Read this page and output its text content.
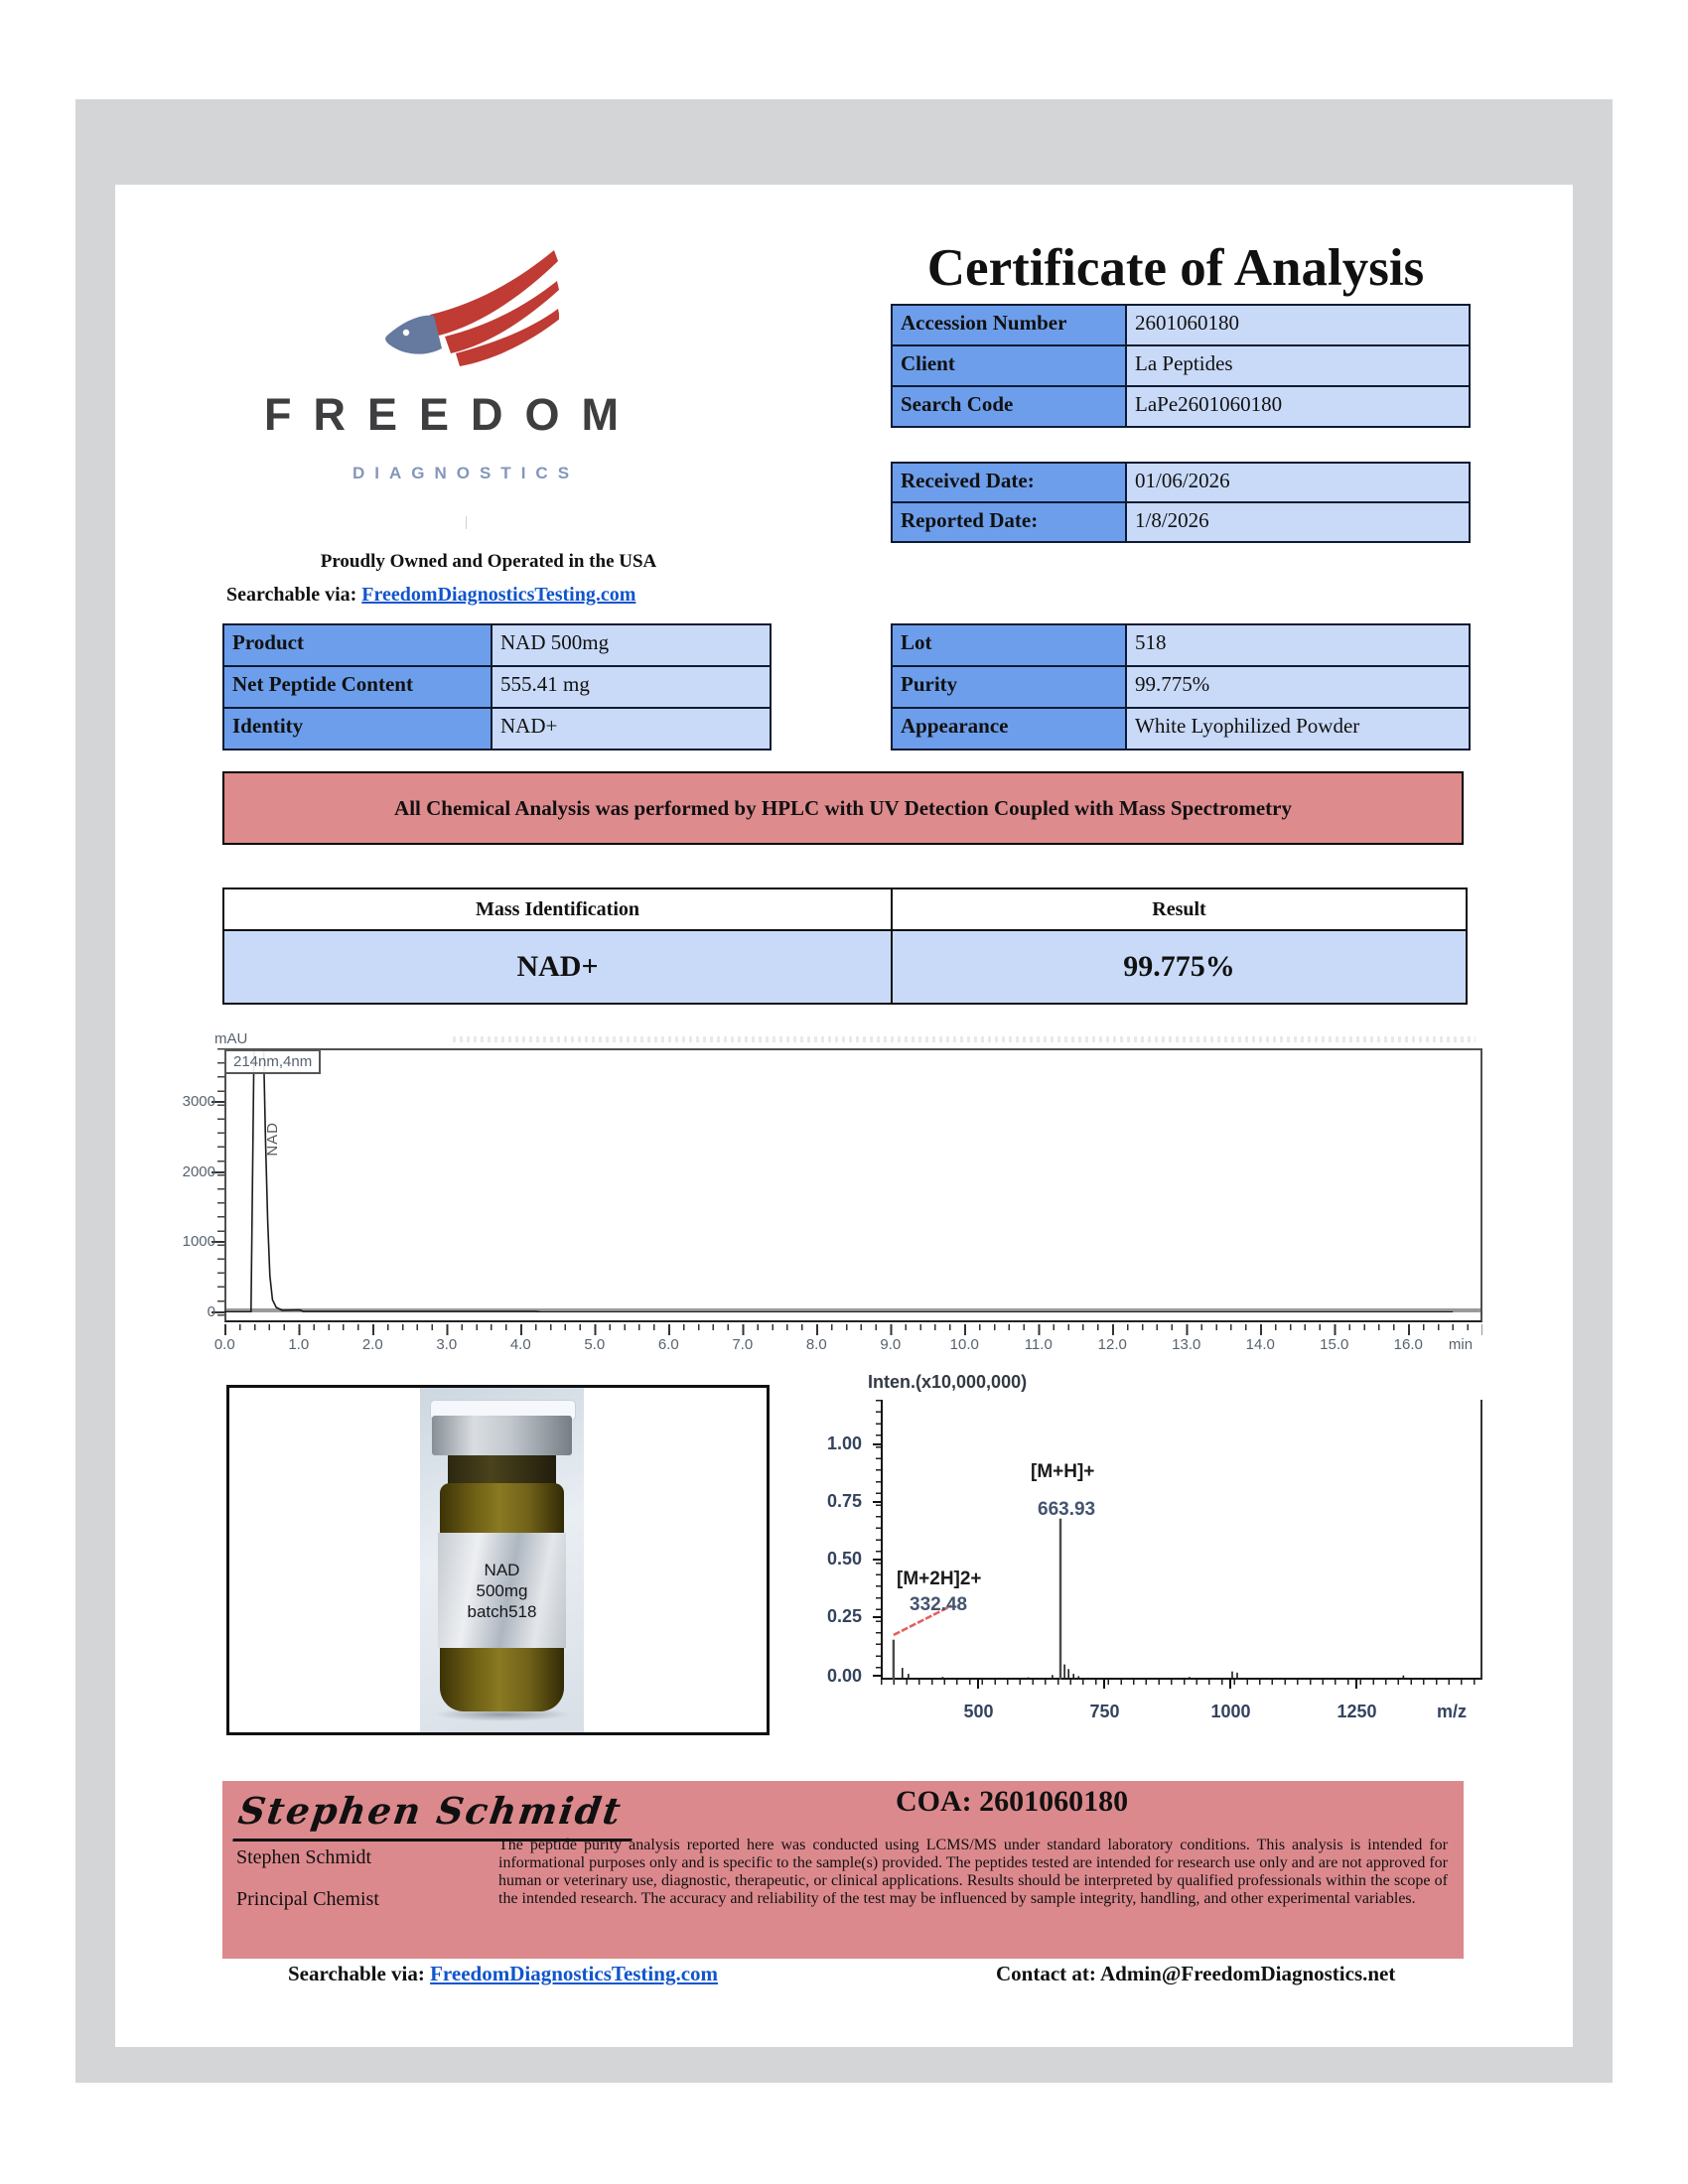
FREEDOM
DIAGNOSTICS
|
Proudly Owned and Operated in the USA
Searchable via: FreedomDiagnosticsTesting.com
Certificate of Analysis
Accession Number	2601060180
Client	La Peptides
Search Code	LaPe2601060180
Received Date:	01/06/2026
Reported Date:	1/8/2026
Product	NAD 500mg
Net Peptide Content	555.41 mg
Identity	NAD+
Lot	518
Purity	99.775%
Appearance	White Lyophilized Powder
All Chemical Analysis was performed by HPLC with UV Detection Coupled with Mass Spectrometry
Mass Identification	Result
NAD+	99.775%
mAU
3000
2000
1000
0
214nm,4nm
NAD
0.0	1.0	2.0	3.0	4.0	5.0	6.0	7.0	8.0	9.0	10.0	11.0	12.0	13.0	14.0	15.0	16.0	min
NAD
500mg
batch518
Inten.(x10,000,000)
1.00
0.75
0.50
0.25
0.00
500	750	1000	1250	m/z
[M+2H]2+
332.48
[M+H]+
663.93
Stephen Schmidt
Stephen Schmidt
Principal Chemist
COA: 2601060180
The peptide purity analysis reported here was conducted using LCMS/MS under standard laboratory conditions. This analysis is intended for informational purposes only and is specific to the sample(s) provided. The peptides tested are intended for research use only and are not approved for human or veterinary use, diagnostic, therapeutic, or clinical applications. Results should be interpreted by qualified professionals within the scope of the intended research. The accuracy and reliability of the test may be influenced by sample integrity, handling, and other experimental variables.
Searchable via: FreedomDiagnosticsTesting.com	Contact at: Admin@FreedomDiagnostics.net
